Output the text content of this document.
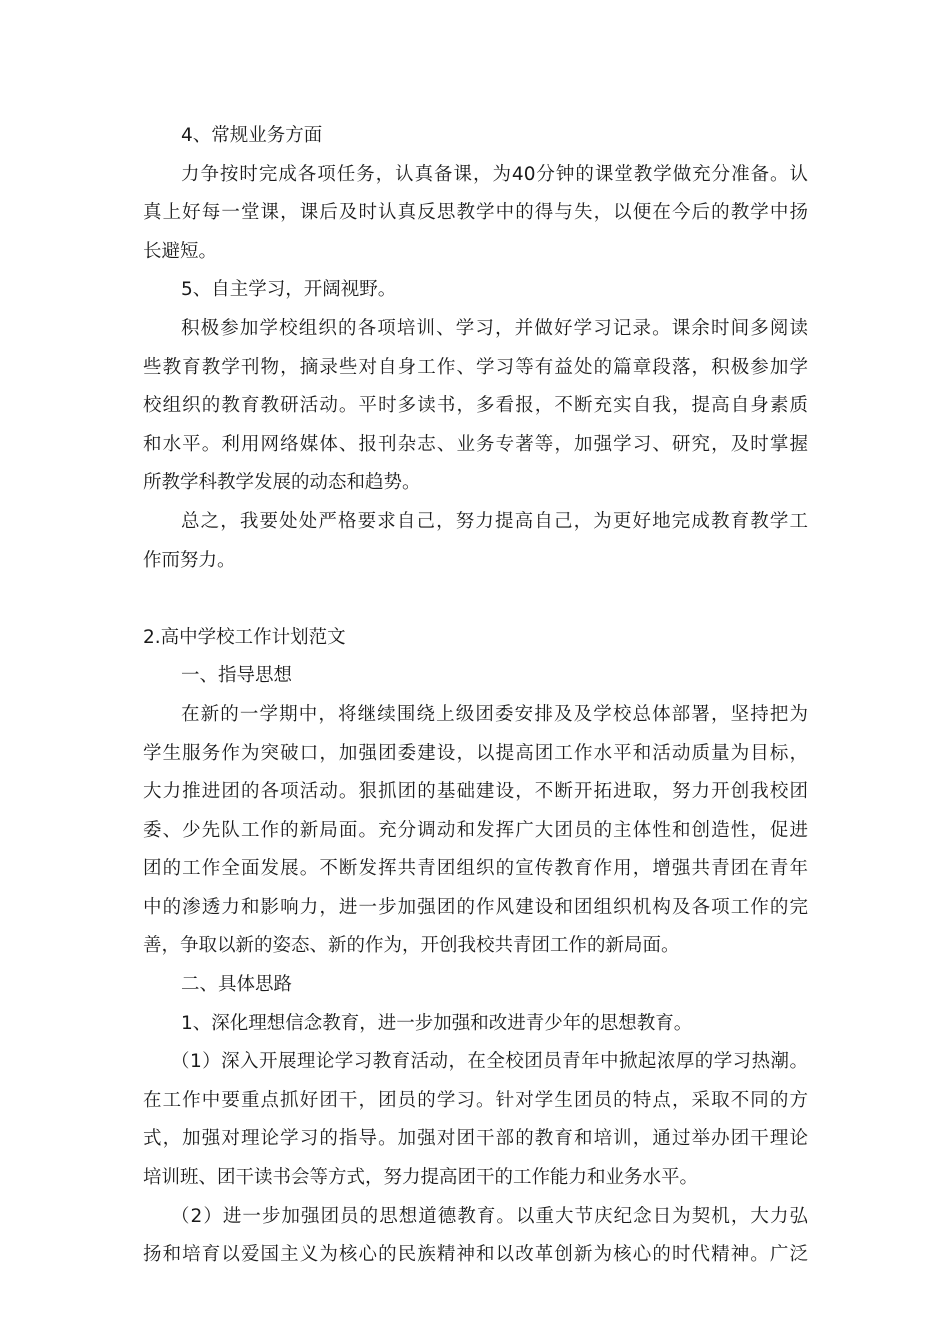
4、常规业务方面
力争按时完成各项任务，认真备课，为40分钟的课堂教学做充分准备。认
真上好每一堂课，课后及时认真反思教学中的得与失，以便在今后的教学中扬
长避短。
5、自主学习，开阔视野。
积极参加学校组织的各项培训、学习，并做好学习记录。课余时间多阅读
些教育教学刊物，摘录些对自身工作、学习等有益处的篇章段落，积极参加学
校组织的教育教研活动。平时多读书，多看报，不断充实自我，提高自身素质
和水平。利用网络媒体、报刊杂志、业务专著等，加强学习、研究，及时掌握
所教学科教学发展的动态和趋势。
总之，我要处处严格要求自己，努力提高自己，为更好地完成教育教学工
作而努力。
2.高中学校工作计划范文
一、指导思想
在新的一学期中，将继续围绕上级团委安排及及学校总体部署，坚持把为
学生服务作为突破口，加强团委建设，以提高团工作水平和活动质量为目标，
大力推进团的各项活动。狠抓团的基础建设，不断开拓进取，努力开创我校团
委、少先队工作的新局面。充分调动和发挥广大团员的主体性和创造性，促进
团的工作全面发展。不断发挥共青团组织的宣传教育作用，增强共青团在青年
中的渗透力和影响力，进一步加强团的作风建设和团组织机构及各项工作的完
善，争取以新的姿态、新的作为，开创我校共青团工作的新局面。
二、具体思路
1、深化理想信念教育，进一步加强和改进青少年的思想教育。
（1）深入开展理论学习教育活动，在全校团员青年中掀起浓厚的学习热潮。
在工作中要重点抓好团干，团员的学习。针对学生团员的特点，采取不同的方
式，加强对理论学习的指导。加强对团干部的教育和培训，通过举办团干理论
培训班、团干读书会等方式，努力提高团干的工作能力和业务水平。
（2）进一步加强团员的思想道德教育。以重大节庆纪念日为契机，大力弘
扬和培育以爱国主义为核心的民族精神和以改革创新为核心的时代精神。广泛
